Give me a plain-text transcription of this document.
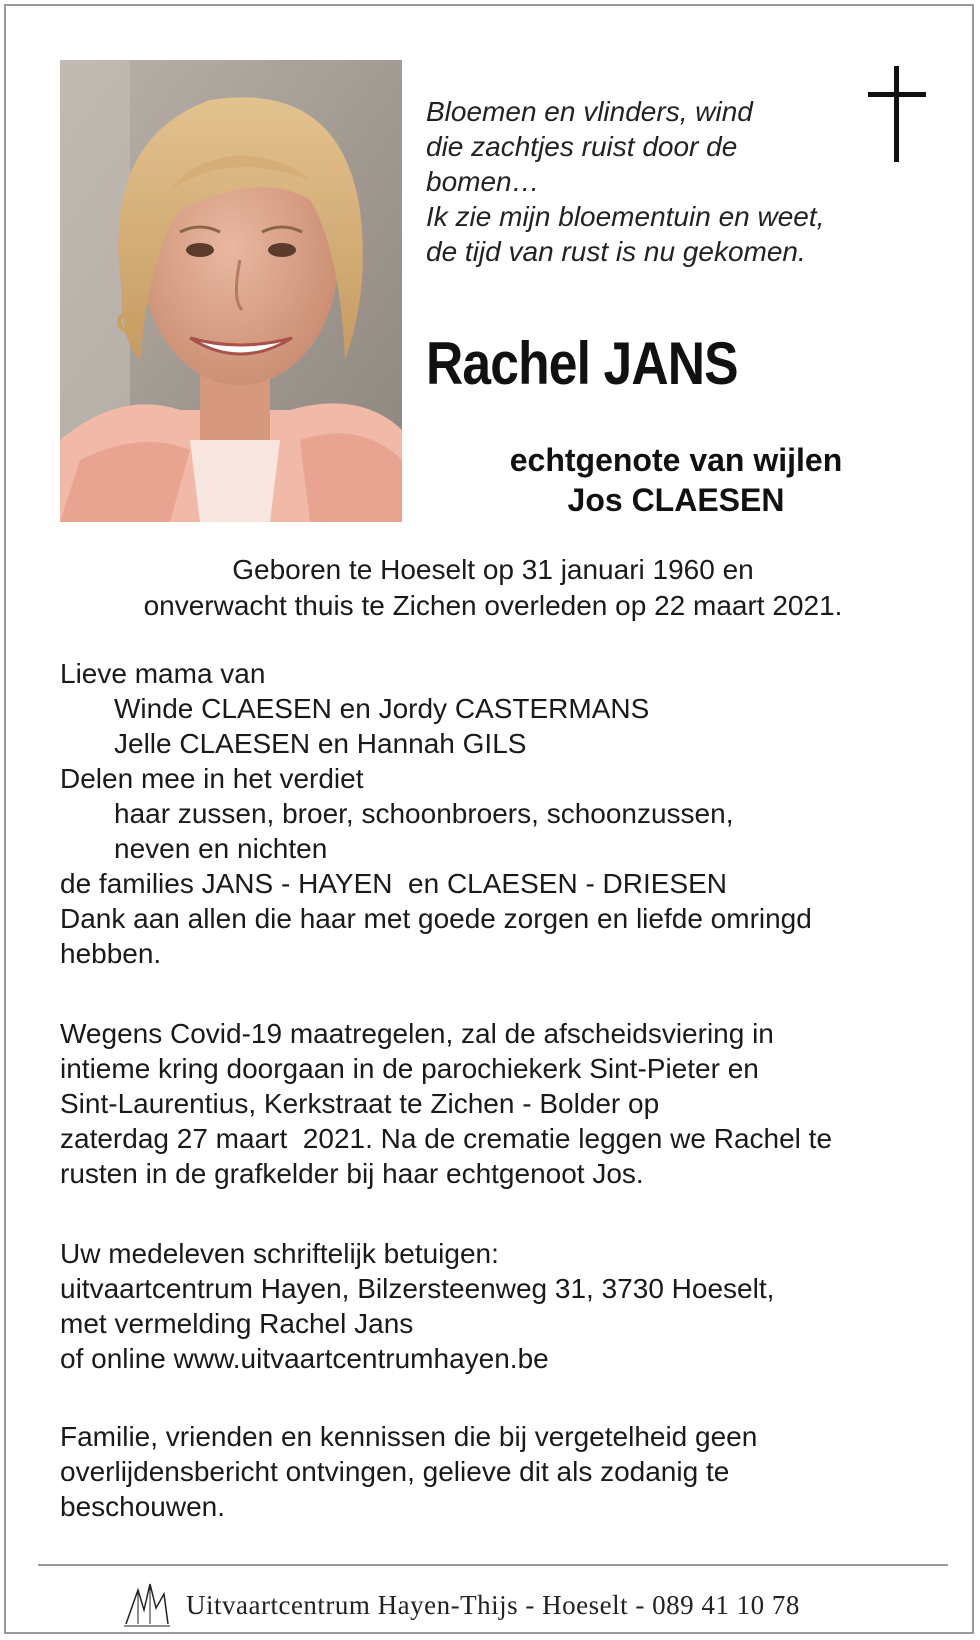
Bloemen en vlinders, wind
die zachtjes ruist door de
bomen…
Ik zie mijn bloementuin en weet,
de tijd van rust is nu gekomen.
Rachel JANS
echtgenote van wijlen
Jos CLAESEN
Geboren te Hoeselt op 31 januari 1960 en
onverwacht thuis te Zichen overleden op 22 maart 2021.
Lieve mama van
Winde CLAESEN en Jordy CASTERMANS
Jelle CLAESEN en Hannah GILS
Delen mee in het verdiet
haar zussen, broer, schoonbroers, schoonzussen,
neven en nichten
de families JANS - HAYEN  en CLAESEN - DRIESEN
Dank aan allen die haar met goede zorgen en liefde omringd
hebben.
Wegens Covid-19 maatregelen, zal de afscheidsviering in
intieme kring doorgaan in de parochiekerk Sint-Pieter en
Sint-Laurentius, Kerkstraat te Zichen - Bolder op
zaterdag 27 maart  2021. Na de crematie leggen we Rachel te
rusten in de grafkelder bij haar echtgenoot Jos.
Uw medeleven schriftelijk betuigen:
uitvaartcentrum Hayen, Bilzersteenweg 31, 3730 Hoeselt,
met vermelding Rachel Jans
of online www.uitvaartcentrumhayen.be
Familie, vrienden en kennissen die bij vergetelheid geen
overlijdensbericht ontvingen, gelieve dit als zodanig te
beschouwen.
Uitvaartcentrum Hayen-Thijs - Hoeselt - 089 41 10 78
